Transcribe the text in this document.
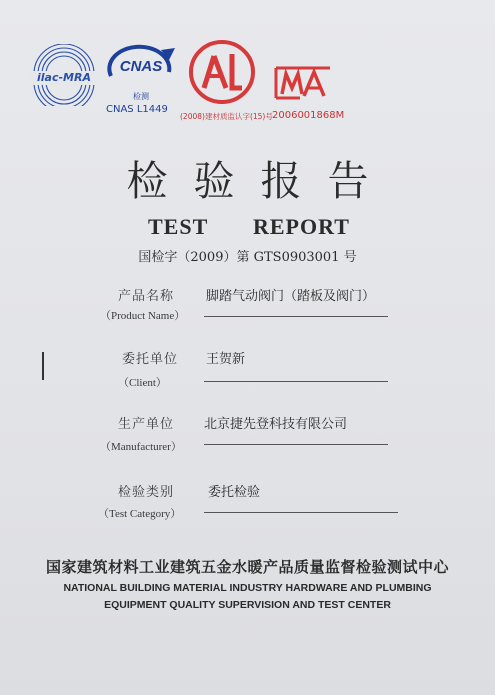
ilac-MRA
CNAS
检测
CNAS L1449
(2008)建材质监认字(15)号 2006001868M
检验报告
TEST REPORT
国检字（2009）第 GTS0903001 号
产品名称
（Product Name）
脚踏气动阀门（踏板及阀门）
委托单位
（Client）
王贺新
生产单位
（Manufacturer）
北京捷先登科技有限公司
检验类别
（Test Category）
委托检验
国家建筑材料工业建筑五金水暖产品质量监督检验测试中心
NATIONAL BUILDING MATERIAL INDUSTRY HARDWARE AND PLUMBING
EQUIPMENT QUALITY SUPERVISION AND TEST CENTER
